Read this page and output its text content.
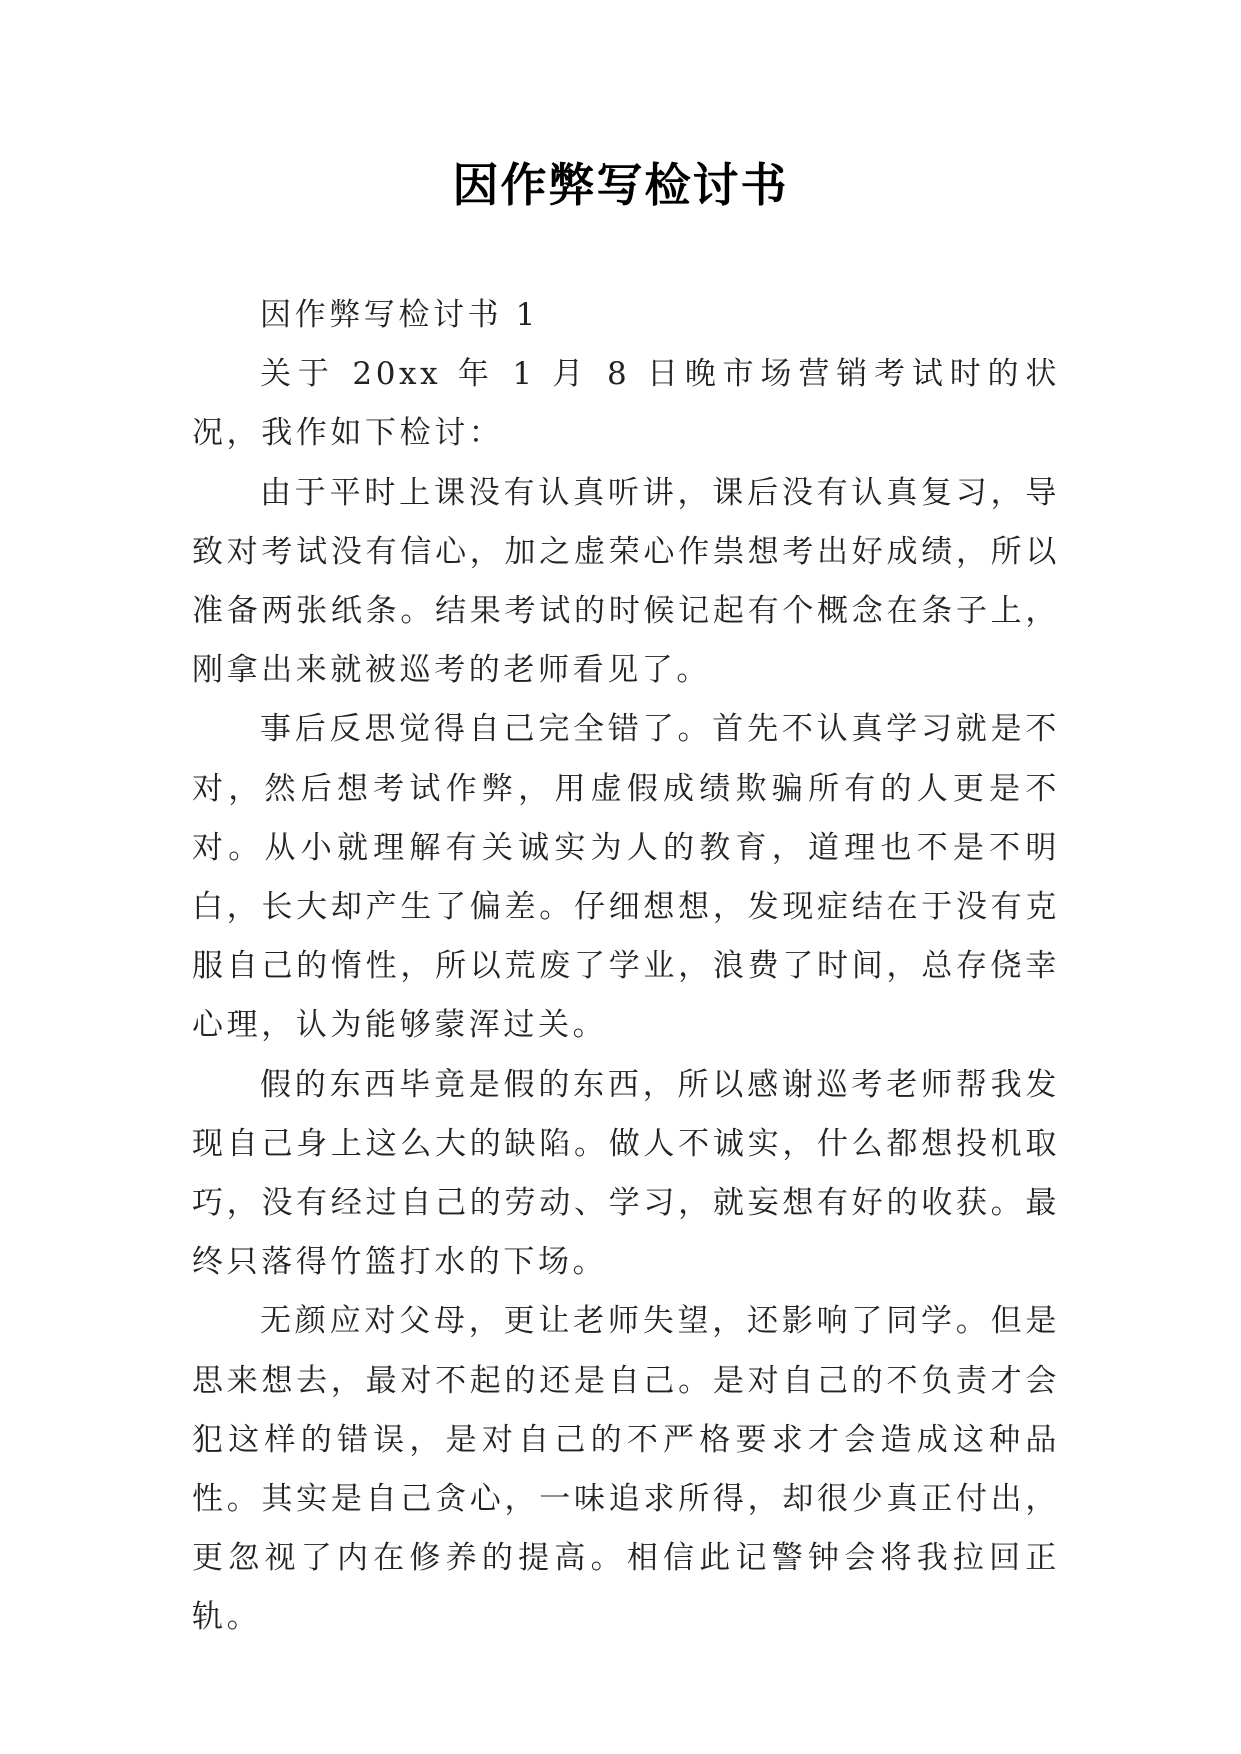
因作弊写检讨书

因作弊写检讨书 1

关于 20xx 年 1 月 8 日晚市场营销考试时的状况，我作如下检讨：

由于平时上课没有认真听讲，课后没有认真复习，导致对考试没有信心，加之虚荣心作祟想考出好成绩，所以准备两张纸条。结果考试的时候记起有个概念在条子上，刚拿出来就被巡考的老师看见了。

事后反思觉得自己完全错了。首先不认真学习就是不对，然后想考试作弊，用虚假成绩欺骗所有的人更是不对。从小就理解有关诚实为人的教育，道理也不是不明白，长大却产生了偏差。仔细想想，发现症结在于没有克服自己的惰性，所以荒废了学业，浪费了时间，总存侥幸心理，认为能够蒙浑过关。

假的东西毕竟是假的东西，所以感谢巡考老师帮我发现自己身上这么大的缺陷。做人不诚实，什么都想投机取巧，没有经过自己的劳动、学习，就妄想有好的收获。最终只落得竹篮打水的下场。

无颜应对父母，更让老师失望，还影响了同学。但是思来想去，最对不起的还是自己。是对自己的不负责才会犯这样的错误，是对自己的不严格要求才会造成这种品性。其实是自己贪心，一味追求所得，却很少真正付出，更忽视了内在修养的提高。相信此记警钟会将我拉回正轨。
